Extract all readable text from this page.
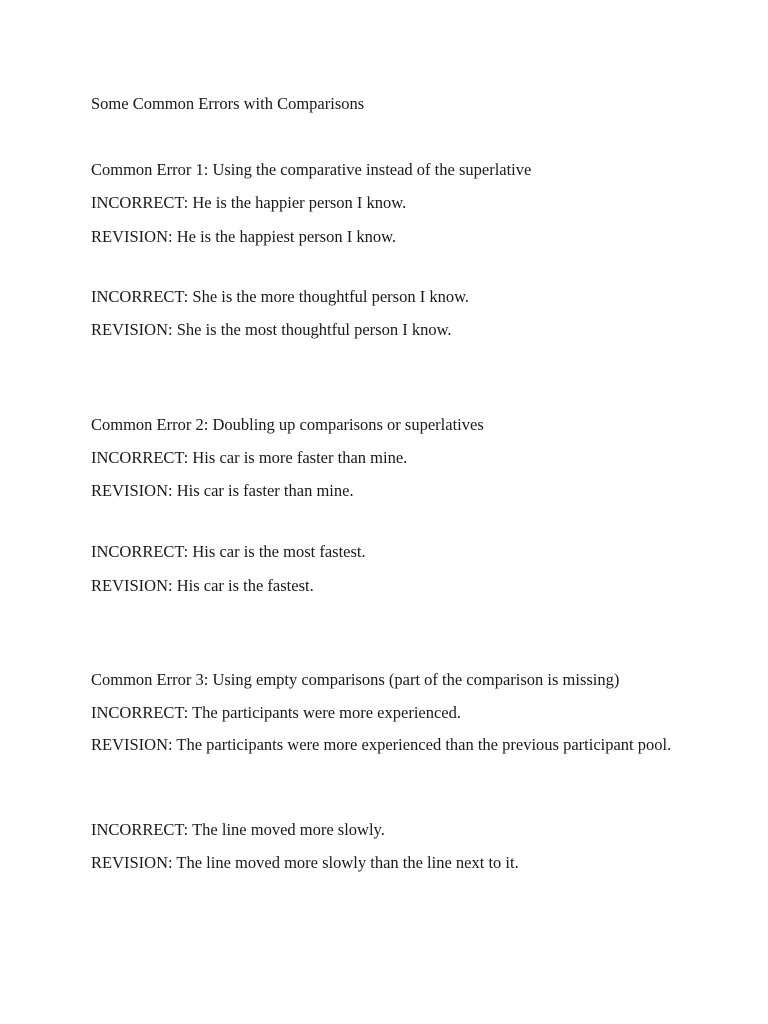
Some Common Errors with Comparisons
Common Error 1: Using the comparative instead of the superlative
INCORRECT: He is the happier person I know.
REVISION: He is the happiest person I know.
INCORRECT: She is the more thoughtful person I know.
REVISION: She is the most thoughtful person I know.
Common Error 2: Doubling up comparisons or superlatives
INCORRECT: His car is more faster than mine.
REVISION: His car is faster than mine.
INCORRECT: His car is the most fastest.
REVISION: His car is the fastest.
Common Error 3: Using empty comparisons (part of the comparison is missing)
INCORRECT: The participants were more experienced.
REVISION: The participants were more experienced than the previous participant pool.
INCORRECT: The line moved more slowly.
REVISION: The line moved more slowly than the line next to it.
